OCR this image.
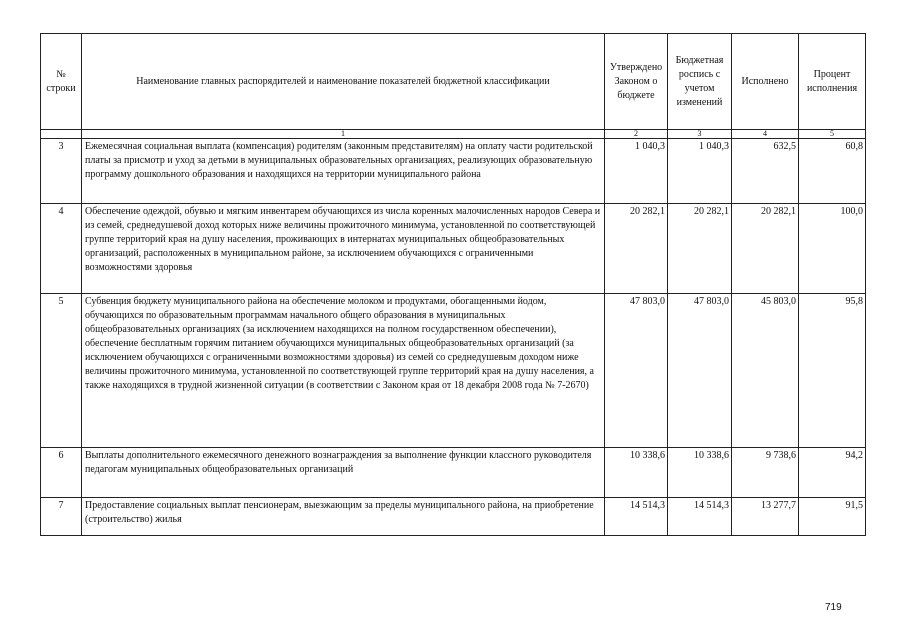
№ строки	Наименование главных распорядителей и наименование показателей бюджетной классификации	Утверждено Законом о бюджете	Бюджетная роспись с учетом изменений	Исполнено	Процент исполнения
	1	2	3	4	5
3	Ежемесячная социальная выплата (компенсация) родителям (законным представителям) на оплату части родительской платы за присмотр и уход за детьми в муниципальных образовательных организациях, реализующих образовательную программу дошкольного образования и находящихся на территории муниципального района	1 040,3	1 040,3	632,5	60,8
4	Обеспечение одеждой, обувью и мягким инвентарем обучающихся из числа коренных малочисленных народов Севера и из семей, среднедушевой доход которых ниже величины прожиточного минимума, установленной по соответствующей группе территорий края на душу населения, проживающих в интернатах муниципальных общеобразовательных организаций, расположенных в муниципальном районе, за исключением обучающихся с ограниченными возможностями здоровья	20 282,1	20 282,1	20 282,1	100,0
5	Субвенция бюджету муниципального района на обеспечение молоком и продуктами, обогащенными йодом, обучающихся по образовательным программам начального общего образования в муниципальных общеобразовательных организациях (за исключением находящихся на полном государственном обеспечении), обеспечение бесплатным горячим питанием обучающихся муниципальных общеобразовательных организаций (за исключением обучающихся с ограниченными возможностями здоровья) из семей со среднедушевым доходом ниже величины прожиточного минимума, установленной по соответствующей группе территорий края на душу населения, а также находящихся в трудной жизненной ситуации (в соответствии с Законом края от 18 декабря 2008 года № 7-2670)	47 803,0	47 803,0	45 803,0	95,8
6	Выплаты дополнительного ежемесячного денежного вознаграждения за выполнение функции классного руководителя педагогам муниципальных общеобразовательных организаций	10 338,6	10 338,6	9 738,6	94,2
7	Предоставление социальных выплат пенсионерам, выезжающим за пределы муниципального района, на приобретение (строительство) жилья	14 514,3	14 514,3	13 277,7	91,5
719
